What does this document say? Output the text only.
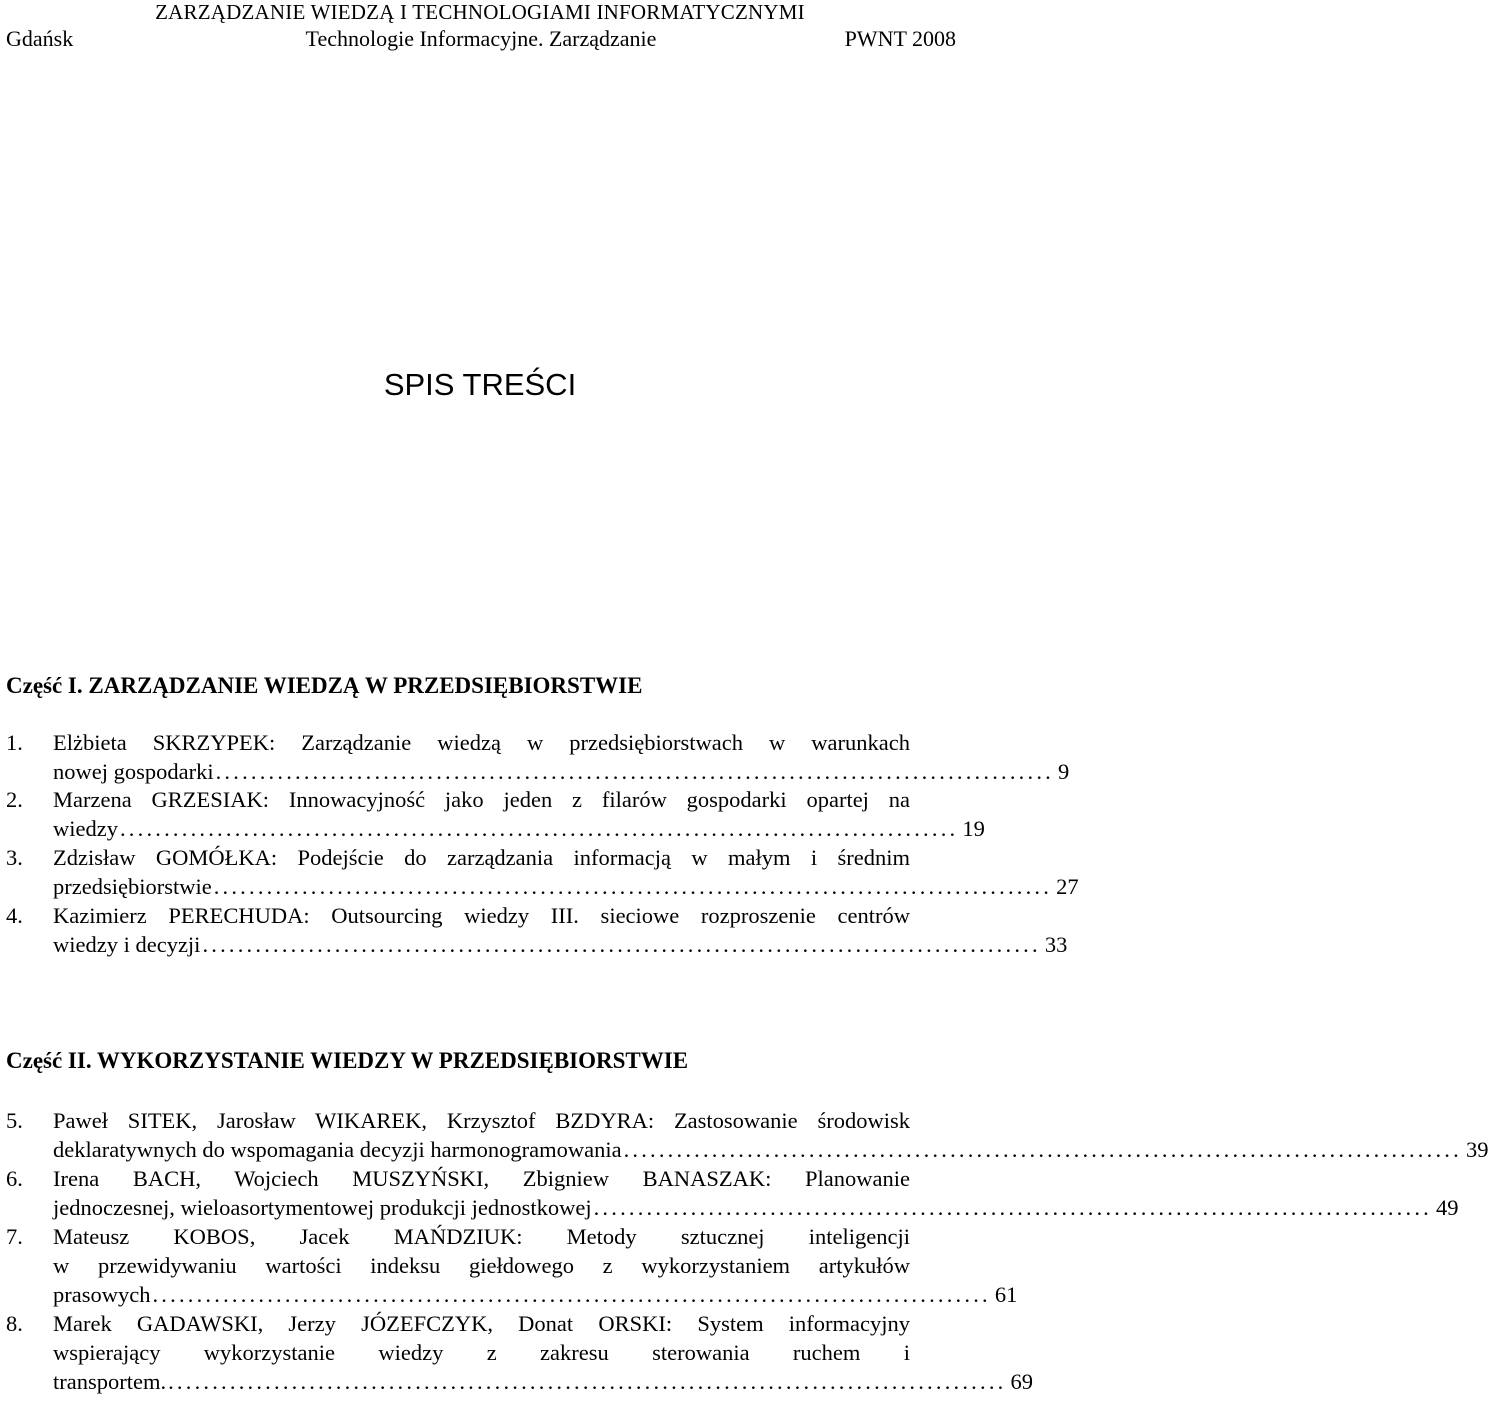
ZARZĄDZANIE WIEDZĄ I TECHNOLOGIAMI INFORMATYCZNYMI
Gdańsk	Technologie Informacyjne. Zarządzanie	PWNT 2008
SPIS TREŚCI
Część I. ZARZĄDZANIE WIEDZĄ W PRZEDSIĘBIORSTWIE
1. Elżbieta SKRZYPEK: Zarządzanie wiedzą w przedsiębiorstwach w warunkach
nowej gospodarki ............................................................................................... 9
2. Marzena GRZESIAK: Innowacyjność jako jeden z filarów gospodarki opartej na
wiedzy ............................................................................................... 19
3. Zdzisław GOMÓŁKA: Podejście do zarządzania informacją w małym i średnim
przedsiębiorstwie ............................................................................................... 27
4. Kazimierz PERECHUDA: Outsourcing wiedzy III. sieciowe rozproszenie centrów
wiedzy i decyzji ............................................................................................... 33
Część II. WYKORZYSTANIE WIEDZY W PRZEDSIĘBIORSTWIE
5. Paweł SITEK, Jarosław WIKAREK, Krzysztof BZDYRA: Zastosowanie środowisk
deklaratywnych do wspomagania decyzji harmonogramowania ............................................................................................... 39
6. Irena BACH, Wojciech MUSZYŃSKI, Zbigniew BANASZAK: Planowanie
jednoczesnej, wieloasortymentowej produkcji jednostkowej ............................................................................................... 49
7. Mateusz KOBOS, Jacek MAŃDZIUK: Metody sztucznej inteligencji
w przewidywaniu wartości indeksu giełdowego z wykorzystaniem artykułów
prasowych ............................................................................................... 61
8. Marek GADAWSKI, Jerzy JÓZEFCZYK, Donat ORSKI: System informacyjny
wspierający wykorzystanie wiedzy z zakresu sterowania ruchem i
transportem. ............................................................................................... 69
